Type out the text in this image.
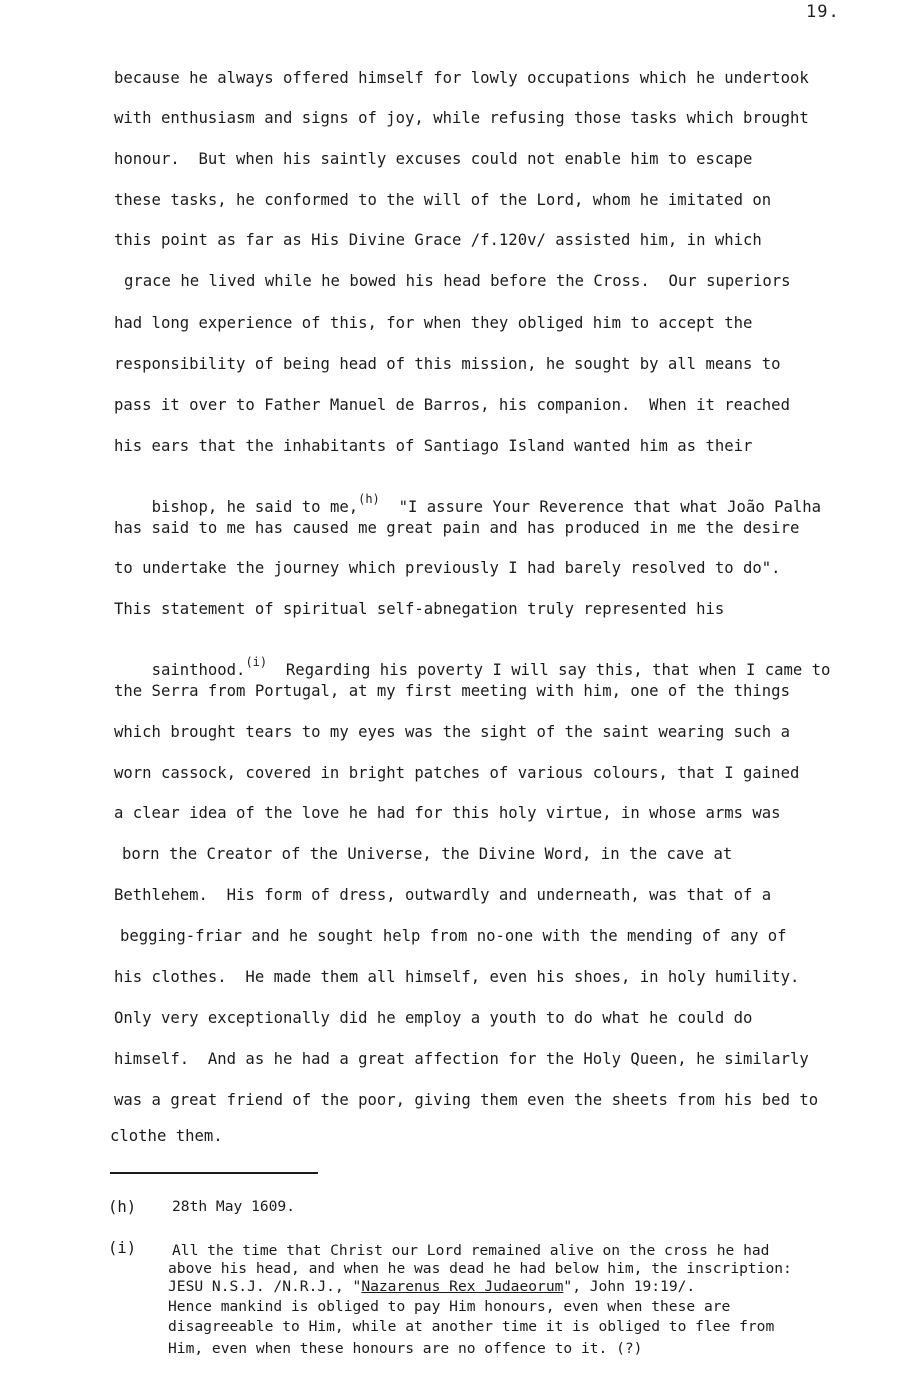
19.
because he always offered himself for lowly occupations which he undertook
with enthusiasm and signs of joy, while refusing those tasks which brought
honour.  But when his saintly excuses could not enable him to escape
these tasks, he conformed to the will of the Lord, whom he imitated on
this point as far as His Divine Grace /f.120v/ assisted him, in which
grace he lived while he bowed his head before the Cross.  Our superiors
had long experience of this, for when they obliged him to accept the
responsibility of being head of this mission, he sought by all means to
pass it over to Father Manuel de Barros, his companion.  When it reached
his ears that the inhabitants of Santiago Island wanted him as their

bishop, he said to me,$^{(h)}$ "I assure Your Reverence that what João Palha

has said to me has caused me great pain and has produced in me the desire
to undertake the journey which previously I had barely resolved to do".
This statement of spiritual self-abnegation truly represented his

sainthood.$^{(i)}$ Regarding his poverty I will say this, that when I came to

the Serra from Portugal, at my first meeting with him, one of the things
which brought tears to my eyes was the sight of the saint wearing such a
worn cassock, covered in bright patches of various colours, that I gained
a clear idea of the love he had for this holy virtue, in whose arms was
born the Creator of the Universe, the Divine Word, in the cave at
Bethlehem.  His form of dress, outwardly and underneath, was that of a
begging-friar and he sought help from no-one with the mending of any of
his clothes.  He made them all himself, even his shoes, in holy humility.
Only very exceptionally did he employ a youth to do what he could do
himself.  And as he had a great affection for the Holy Queen, he similarly
was a great friend of the poor, giving them even the sheets from his bed to
clothe them.
(h) 28th May 1609.
(i) All the time that Christ our Lord remained alive on the cross he had
above his head, and when he was dead he had below him, the inscription:
JESU N.S.J. /N.R.J., "Nazarenus Rex Judaeorum", John 19:19/.
Hence mankind is obliged to pay Him honours, even when these are
disagreeable to Him, while at another time it is obliged to flee from
Him, even when these honours are no offence to it. (?)
